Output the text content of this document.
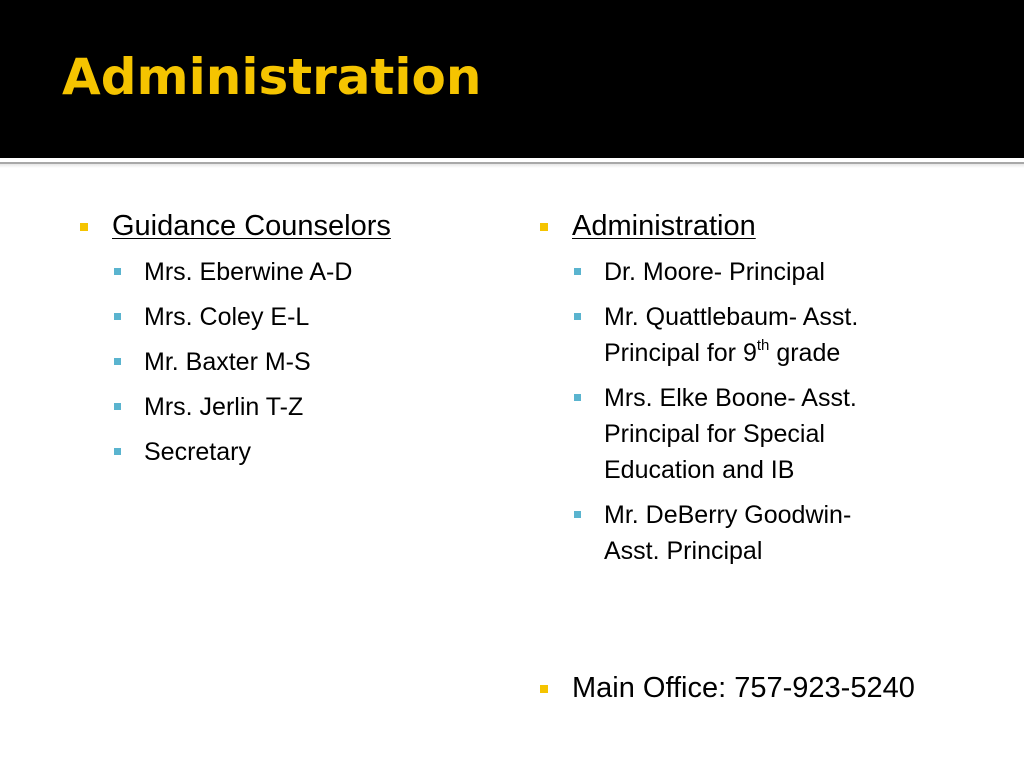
Administration
Guidance Counselors
Mrs. Eberwine A-D
Mrs. Coley E-L
Mr. Baxter M-S
Mrs. Jerlin T-Z
Secretary
Administration
Dr. Moore- Principal
Mr. Quattlebaum- Asst.
Principal for 9th grade
Mrs. Elke Boone- Asst.
Principal for Special
Education and IB
Mr. DeBerry Goodwin-
Asst. Principal
Main Office: 757-923-5240
